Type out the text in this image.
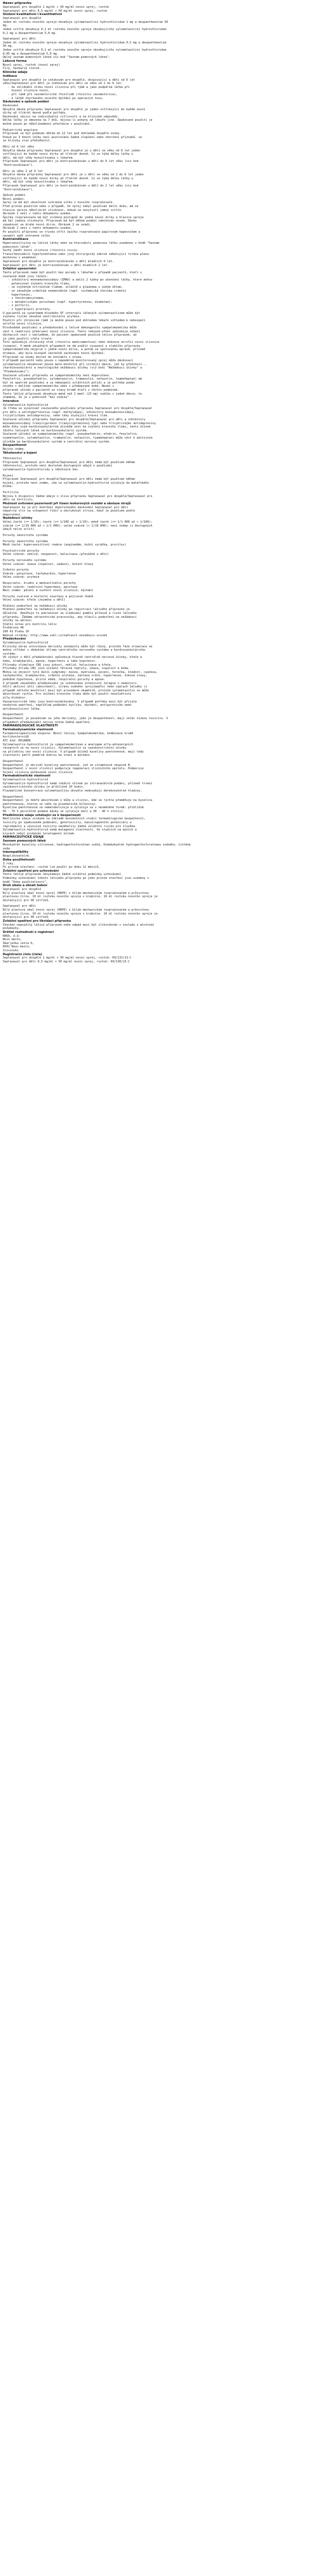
Název přípravku

Septanazal pro dospělé 1 mg/ml + 50 mg/ml nosní sprej, roztok

Septanazal pro děti 0,5 mg/ml + 50 mg/ml nosní sprej, roztok

Složení kvalitativní i kvantitativní

Septanazal pro dospělé

Jeden ml roztoku nosního spreje obsahuje xylometazolini hydrochloridum 1 mg a dexpanthenolum 50

mg.

Jeden vstřik obsahuje 0,1 ml roztoku nosního spreje obsahujícího xylometazolini hydrochloridum

0,1 mg a dexpanthenolum 5,0 mg.

Septanazal pro děti

Jeden ml roztoku nosního spreje obsahuje xylometazolini hydrochloridum 0,5 mg a dexpanthenolum

50 mg.

Jeden vstřik obsahuje 0,1 ml roztoku nosního spreje obsahujícího xylometazolini hydrochloridum

0,05 mg a dexpanthenolum 5,0 mg.

Úplný seznam pomocných látek viz bod "Seznam pomocných látek".

Léková forma

Nosní sprej, roztok (nosní sprej)

Čirý, bezbarvý roztok.

Klinické údaje
Indikace

Septanazal pro dospělé je indikován pro dospělé, dospívající a děti od 6 let

věku/Septanazal pro děti je indikován pro děti ve věku od 2 do 6 let:

- ke zklidnění otoku nosní sliznice při rýmě a jako podpůrná léčba při

hojení sliznice nosní,

- při rýmě při vazomotorické rhinitidě (rhinitis vasomotorica),

- k léčbě zhoršeného nosního dýchání po operacích nosu.

Dávkování a způsob podání

Dávkování

Obvyklá dávka přípravku Septanazal pro dospělé je jeden vstřikující do každé nosní

dírky až třikrát denně podle potřeby.

Dávkování závisí na individuální citlivosti a na klinické odpovědi.

Délka léčby je omezena na 7 dnů, nejsou-li pokyny od lékaře jiné. Opakované použití je

možné pouze po několikadenní přestávce v používání.

Pediatrická populace

Přípravek se být podáván dětem do 12 let pod dohledem dospělé osoby.

Pokud po 3 dnech léčby není pozorováno žádné zlepšení nebo zhoršení příznaků, se

se kliniky stav přehodnotit.

Děti od 6 let věku

Obvyklá dávka přípravku Septanazal pro dospělé je u dětí ve věku od 6 let jeden

vstřikující do každé nosní dírky až třikrát denně. Co se týká délky léčby u

dětí, má být vždy konzultována s lékařem.

Přípravek Septanazal pro děti je kontraindikován u dětí do 6 let věku (viz bod

"Kontraindikace").

Děti ve věku 2 až 6 let

Obvyklá dávka přípravku Septanazal pro děti je u dětí ve věku od 2 do 6 let jeden

vstřikující do každé nosní dírky až třikrát denně. Co se týká délky léčby u

dětí, má být vždy konzultována s lékařem.

Přípravek Septanazal pro děti je kontraindikován u dětí do 2 let věku (viz bod

"Kontraindikace").

Způsob podání

Nosní podání.

Sprej se má být ukončovat ochranné víčko z nosního rozprašovače.

Před prvním použitím nebo v případě, že sprej nebyl používán delší dobu, má se

hlavice spreje několikrát stisknout, dokud se nevytvoří jemný vstřik.

Obrázek 1 není v tomto dokumentu uveden.

Špička rozprašovače má být vložena postupně do jedné nosní dírky a hlavice spreje

má být jednou stisknuta. Přípravek má být během podání vdechován nosem. Dávku

zopakovat ve druhé nosní dírce. Obrázek 2 se uvádí.

Obrázek 2 není v tomto dokumentu uveden.

Po použití přípravku se trysku otřít špičku rozprašovače papírovým kapesníkem a

nasadit zpět ochranné víčko.

Kontraindikace

Hypersenzitivita na léčivé látky nebo na kteroukoli pomocnou látku uvedenou v bodě "Seznam

pomocných látek".

Suchý zánět nosní sliznice (rhinitis sicca).

Transsfenoidální hypofysektomie nebo jiný chirurgický zákrok odhalující tvrdou plenu

mozkovou v anamnéze.

Septanazal pro dospělé je kontraindikován u dětí mladších 6 let.

Septanazal pro děti je kontraindikován u dětí mladších 2 let.

Zvláštní upozornění

Tento přípravek nemá být použit bez porady s lékařem v případě pacientů, kteří v

současné době jsou léčeni:

- inhibitory monoaminooxidázy (IMAO) a další 2 týdny po ukončení léčby, které mohou

potencovat zvýšení krevního tlaku,

- se zvýšeným nitroočním tlakem, zvláště u glaukomu s úzkým úhlem,

- se závažným srdečním onemocněním (např. ischemická choroba srdeční

hypertenze),

- s feochromocytomem,

- s metabolickými poruchami (např. hypertyreózou, diabetem),

- s porfyrií,

- s hyperplazií prostaty.

U pacientů se syndromem dlouhého QT intervalu léčených xylometazolinem může být

zvýšeno riziko závažné ventrikulární arytmie.

Použití při chronické rýmě je možné pouze pod dohledem lékaře vzhledem k nebezpečí

atrofie nosní sliznice.

Dlouhodobé používání a předávkování u léčivé dekongesční sympatomimetika může

vést k reaktivní překrvení nosní sliznice. Tento rebound efekt způsobuje zúžení

dýchacích cest s následkem, že pacient opakovaně používá léčivo přípravek, až

je jeho použití stále trvalé.

Toto způsobuje chronický otok (rhinitis medicamentosa) nebo dokonce atrofii nosní sliznice

(ozaena). V méně závažných případech se dá uvážit vysazení u slabšího přípravku

sympatomimetika nejprve v jedné nosní dírce, a potom ve spotovanou úpravě, přičemž

drimace, aby byla alespoň částečně zachováno nosní dýchání.

Přípravek se nesmí dostat do kontaktu s očima.

V případě pacientů nebo pouze s nepoměrem monitorovaný sprej může dávkovací

xylometazolin-obsahovat pouze malé množství při silnější dávce, jež by předchozí...

(kardiovaskulární a neurologické nežádoucí účinky (viz bod) "Nežádoucí účinky" a

"Předávkování").

Současné užívání přípravku se sympatomimetiky není doporučeno.

Fenylefrin, pseudoefedrin, xylometazolin, tramazolin, nafazolin, tuamoheptan) má

být se opatrně používání a je nebezpečí zvláštních potíží a je potřeba podat

nového s dalšími sympatomimetika nebo v předepsané době. Nesmí s

přípravek užíván u pacientů se stavy kromě kteří z těchto podmínek.

Tento léčivý přípravek obsahuje méně než 1 mmol (23 mg) sodíku v jedné dávce, to

znamená, že je v podstatě "bez sodíku".

Interakce

Xylometazolin-hydrochlorid

Je třeba se vyvarovat současného používání přípravku Septanazal pro dospělé/Septanazal

pro děti a antihypertenziva (např. methyldopa), inhibitory monoaminooxidázy,

tricyklickými antidepresivy, nebo léky zvyšující krevní tlak.

Současné užívání přípravku Septanazal pro dospělé/Septanazal pro děti a inhibitory

monoaminooxidázy tranylcypromin (tranylcyprominový typ) nebo tricyklickými antidepresivy

může díky svým kardiovaskulárním účinkům vést ke zvýšení krevního tlaku, tento účinek

těchto léčivých látek na kardiovaskulární systém.

Současné užívání se sympatomimetiky (např. pseudoefedrin, efedrin, fenylefrin,

oxymetazolin, xylometazolin, tramazolin, nafazolin, tuamoheptan) může vést k aditivním

účinkům na kardiovaskulární systém a centrální nervový systém.

Dexpanthenol

Nejsou známy.

Těhotenství a kojení

Těhotenství

Přípravek Septanazal pro dospělé/Septanazal pro děti nemá být používán během

těhotenství, protože není dostatek dostupných údajů o používání

xylometazolin-hydrochloridu u těhotných žen.

Kojení

Přípravek Septanazal pro dospělé/Septanazal pro děti nemá být používán během

kojení, protože není známo, zda se xylometazolin-hydrochlorid vylučuje do mateřského

mléka.

Fertilita

Nejsou k dispozici žádné údaje o vlivu přípravku Septanazal pro dospělé/Septanazal pro

děti na fertilitu.

Možnost ovlivnění pozornosti při řízení motorových vozidel a obsluze strojů

Septanazal by je při dodržení doporučeného dávkování Septanazal pro děti

nepatrný vliv na schopnost řídit a obsluhovat stroje, když je používán podle

doporučení.

Nežádoucí účinky

Velmi časté (>= 1/10); časté (>= 1/100 až < 1/10); méně časté (>= 1/1 000 až < 1/100);

vzácné (>= 1/10 000 až < 1/1 000); velmi vzácné (< 1/10 000); není známo (z dostupných

údajů nelze určit).

Poruchy imunitního systému

Poruchy imunitního systému

Méně časté: hypersenzitivní reakce (angioedém, kožní vyrážka, pruritus)

Psychiatrické poruchy

Velmi vzácné: neklid, nespavost, halucinace (převážně u dětí)

Poruchy nervového systému

Velmi vzácné: únava (ospalost, sedace), bolest hlavy

Srdeční poruchy

Vzácné: palpitace, tachykardie, hypertenze

Velmi vzácné: arytmie

Respirační, hrudní a mediastinální poruchy

Velmi vzácné: reaktivní hyperémie, epistaxe

Není známo: pálení a suchost nosní sliznice, kýchání

Poruchy svalové a kosterní soustavy a pojivové tkáně

Velmi vzácné: křeče (zejména u dětí)

Hlášení podezření na nežádoucí účinky

Hlášení podezření na nežádoucí účinky po registraci léčivého přípravku je

důležité. Umožňuje to pokračovat ve sledování poměru přínosů a rizik léčivého

přípravku. Žádáme zdravotnické pracovníky, aby hlásili podezření na nežádoucí

účinky na adresu:

Státní ústav pro kontrolu léčiv

Šrobárova 48

100 41 Praha 10

Webové stránky: http://www.sukl.cz/nahlasit-nezadouci-ucinek

Předávkování

Xylometazolin-hydrochlorid

Klinický obraz intoxikace deriváty imidazolu může být různý, protože fáze stimulace se

mohou střídat s obdobími útlumu centrálního nervového systému a kardiovaskulárního

systému.

Ve výskyt u dětí předávkování způsobuje hlavně centrálně nervové účinky, křeče a

kómu, bradykardii, apnoe, hypertenzi a také hypotenzi.

Příznaky stimulace CNS jsou úzkost, neklid, halucinace a křeče.

Příznaky útlumu CNS jsou snížení tělesné teploty, únava, ospalost a kóma.

Mohou se objevit tyto další symptomy: mióza, mydriáza, pocení, horečka, bledost, cyanóza,

tachykardie, bradykardie, srdeční arytmie, zástava srdce, hypertenze, šokové stavy,

podobné hypotenze, plicní edém, respirační poruchy a apnoe.

V případě závažného předávkování je indikována intenzivní terapie v nemocnici.

Užití aktivní uhlí (absorbent), síranu sodného (projímadlo) nebo výplach žaludku (v

případě většího množství) musí být provedeno okamžitě, protože xylometazolin se může

absorbovat rychle. Pro snížení krevního tlaku může být použit neselektivní

alfa-blokátor.

Vazopresorické léky jsou kontraindikovány. V případě potřeby musí být přijata

nezbytná opatření, například podávání kyslíku, dýchání, antipyretické nebo

antikonvulzivní léčba.

Dexpanthenol

Dexpanthenol je považován za jeho deriváty, jako je dexpanthenol, mají velmi nízkou toxicitu. V

případech předávkování nejsou nutná žádná opatření.

FARMAKOLOGICKÉ VLASTNOSTI
Farmakodynamické vlastnosti

Farmakoterapeutická skupina: Nosní léčiva; Sympatomimetika, kombinace kromě

kortikosteroidů

ATC kód: R01AB06

Xylometazolin-hydrochlorid je sympatomimetikum a analogem alfa-adrenergních

receptorů se na nosní sliznici. Xylometazolin se vazokonstrikční účinky

na přilehlou cév nosní sliznice. V případě účinků kyseliny pantotenové, mají tedy

vlastnosti patří poměrně dobrou ke stání a dýchání.

Dexpanthenol

Dexpanthenol je derivát kyseliny pantotenové, jež ve vitamínové skupině B.

Dexpanthenol v nosní sliznici podporuje regeneraci slizničního epitelu. Podporuje

hojení sliznice poškozené nosní sliznice.

Farmakokinetické vlastnosti

Xylometazolin-hydrochlorid

Xylometazolin-hydrochlorid nemá lokální účinek po intranazálním podání, přičemž trvání

vazokonstrikčního účinku je přibližně 10 hodin.

Plazmatické koncentrace xylometazolinu obvykle nedosahují detekovatelné hladiny.

Dexpanthenol

Dexpanthenol je dobře absorbován z kůže a sliznic, kde se rychle přeměňuje na kyselinu

pantotenovou, kterou se váže na plazmatické bílkoviny.

Kyselina pantotenová se nemetabolizuje a vylučuje se v nezměněné formě: přibližně

60 - 70 % perorálně podané dávky se vylučuje močí a 30 - 40 % stolicí.

Předklinické údaje vztahující se k bezpečnosti

Neklinické údaje získané na základě konvenčních studií farmakologické bezpečnosti,

toxicity po opakovaném podávání, genotoxicity, kancerogenního potenciálu a

reprodukční a vývojové toxicity neodhalily žádné zvláštní riziko pro člověka.

Xylometazolin-hydrochlorid nemá mutagenní vlastnosti. Ve studiích na myších a

krysách nebyl prokázán teratogenní účinek.

FARMACEUTICKÉ ÚDAJE
Seznam pomocných látek

Monohydrát kyseliny citronové, hydrogenfosforečnan sodný, Dodekahydrát hydrogenfosforečnanu sodného, čištěná

voda.

Inkompatibility

Neaplikovatelné.

Doba použitelnosti

3 roky.

Po prvním otevření: roztok lze použít po dobu 12 měsíců.

Zvláštní opatření pro uchovávání

Tento léčivý přípravek nevyžaduje žádné zvláštní podmínky uchovávání.

Podmínky uchovávání tohoto léčivého přípravku po jeho prvním otevření jsou uvedeny v

bodě "Doba použitelnosti".

Druh obalu a obsah balení

Septanazal pro dospělé

Bílý plastový obal nosní sprej (HDPE) s bílým mechanickým rozprašovačem a průsvitnou

plastovou čirou. 10 ml roztoku nosního spreje v krabičce. 10 ml roztoku nosního spreje je

dostačující pro 90 vstřiků.

Septanazal pro děti

Bílý plastový obal nosní sprej (HDPE) s bílým mechanickým rozprašovačem a průsvitnou

plastovou čirou. 10 ml roztoku nosního spreje v krabičce. 10 ml roztoku nosního spreje je

dostačující pro 90 vstřiků.

Zvláštní opatření pro likvidaci přípravku

Všechen nepoužitý léčivý přípravek nebo odpad musí být zlikvidován v souladu s místními

požadavky.

Držitel rozhodnutí o registraci

KRKA, d.d.

Novo mesto,

Šmarješka cesta 6,

8501 Novo mesto,

Slovinsko

Registrační číslo (čísla)

Septanazal pro dospělé 1 mg/ml + 50 mg/ml nosní sprej, roztok: 69/131/13-C

Septanazal pro děti 0,5 mg/ml + 50 mg/ml nosní sprej, roztok: 69/130/13-C
